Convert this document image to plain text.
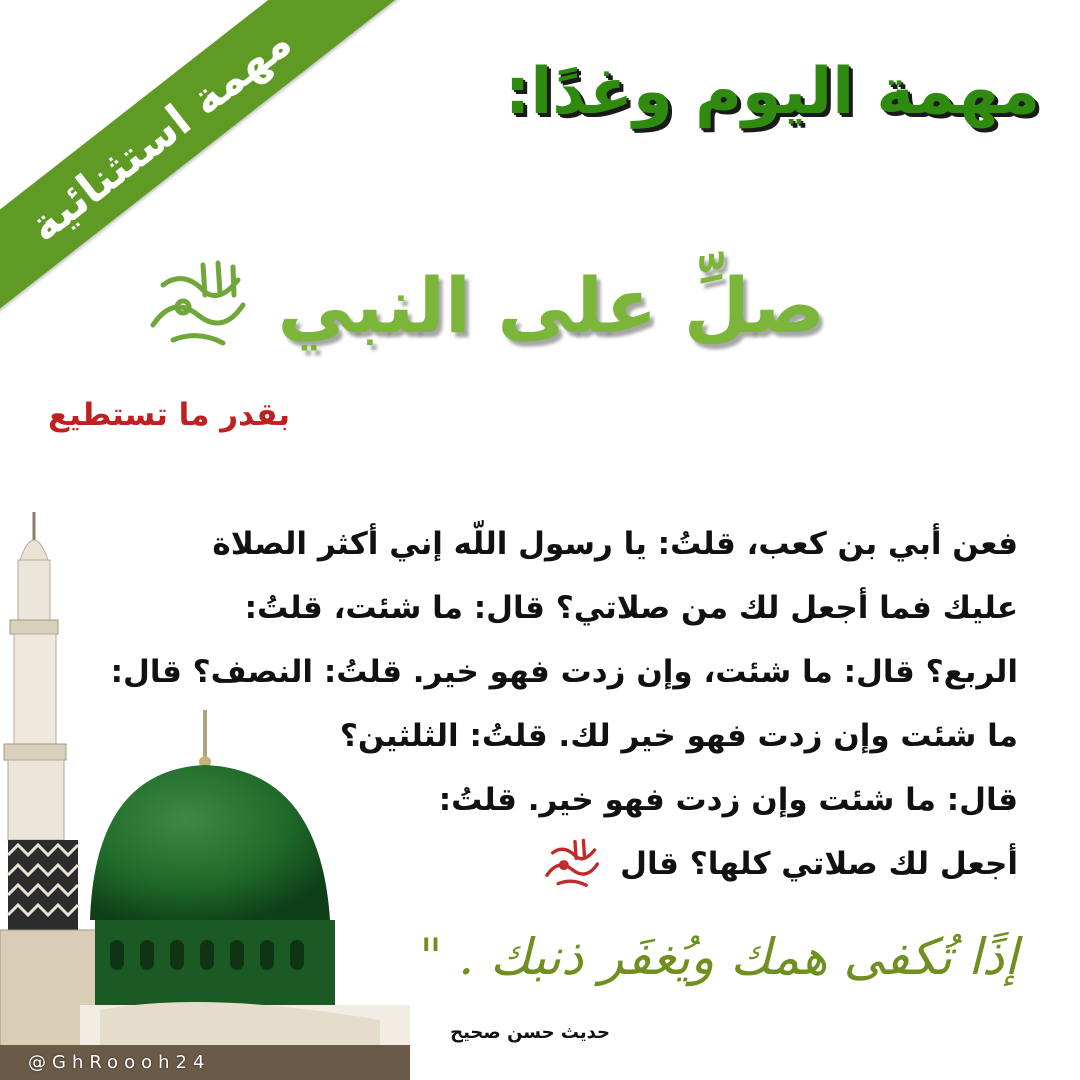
مهمة استثنائية	مهمة اليوم وغدًا:
صلِّ على النبي

بقدر ما تستطيع

فعن أبي بن كعب، قلتُ: يا رسول اللّه إني أكثر الصلاة
عليك فما أجعل لك من صلاتي؟ قال: ما شئت، قلتُ:
الربع؟ قال: ما شئت، وإن زدت فهو خير. قلتُ: النصف؟ قال:
ما شئت وإن زدت فهو خير لك. قلتُ: الثلثين؟
قال: ما شئت وإن زدت فهو خير. قلتُ:
أجعل لك صلاتي كلها؟ قال

إذًا تُكفى همك ويُغفَر ذنبك . "

حديث حسن صحيح

@GhRoooh24
